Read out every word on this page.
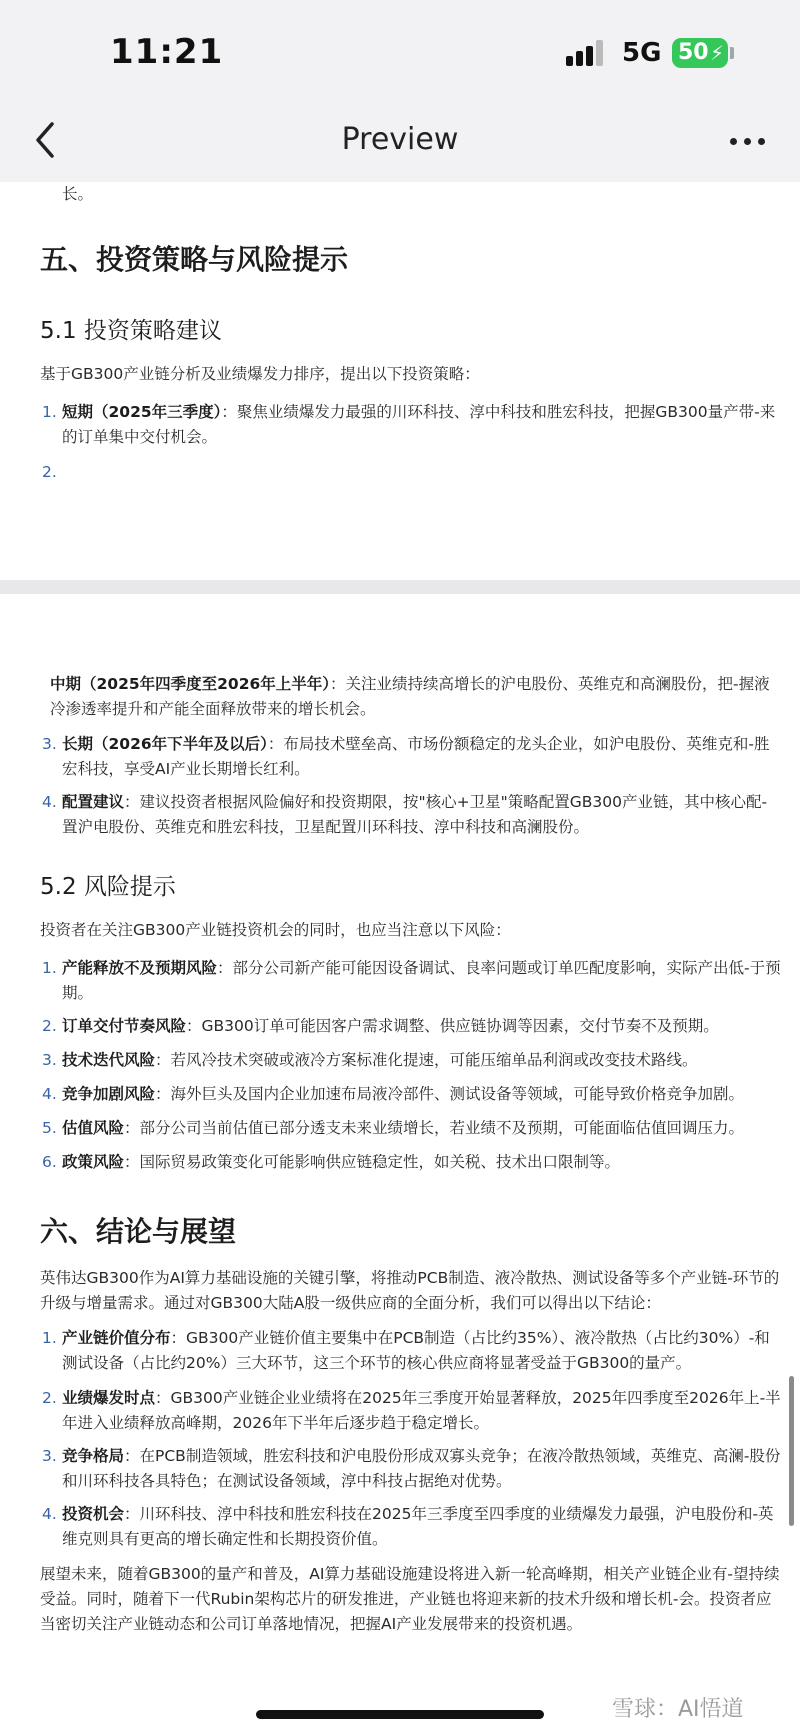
11:21	5G 50 ⚡
Preview
长。
五、投资策略与风险提示
5.1 投资策略建议
基于GB300产业链分析及业绩爆发力排序，提出以下投资策略：
1. 短期（2025年三季度）：聚焦业绩爆发力最强的川环科技、淳中科技和胜宏科技，把握GB300量产带-来的订单集中交付机会。
2.
中期（2025年四季度至2026年上半年）：关注业绩持续高增长的沪电股份、英维克和高澜股份，把-握液冷渗透率提升和产能全面释放带来的增长机会。
3. 长期（2026年下半年及以后）：布局技术壁垒高、市场份额稳定的龙头企业，如沪电股份、英维克和-胜宏科技，享受AI产业长期增长红利。
4. 配置建议：建议投资者根据风险偏好和投资期限，按"核心+卫星"策略配置GB300产业链，其中核心配-置沪电股份、英维克和胜宏科技，卫星配置川环科技、淳中科技和高澜股份。
5.2 风险提示
投资者在关注GB300产业链投资机会的同时，也应当注意以下风险：
1. 产能释放不及预期风险：部分公司新产能可能因设备调试、良率问题或订单匹配度影响，实际产出低-于预期。
2. 订单交付节奏风险：GB300订单可能因客户需求调整、供应链协调等因素，交付节奏不及预期。
3. 技术迭代风险：若风冷技术突破或液冷方案标准化提速，可能压缩单品利润或改变技术路线。
4. 竞争加剧风险：海外巨头及国内企业加速布局液冷部件、测试设备等领域，可能导致价格竞争加剧。
5. 估值风险：部分公司当前估值已部分透支未来业绩增长，若业绩不及预期，可能面临估值回调压力。
6. 政策风险：国际贸易政策变化可能影响供应链稳定性，如关税、技术出口限制等。
六、结论与展望
英伟达GB300作为AI算力基础设施的关键引擎，将推动PCB制造、液冷散热、测试设备等多个产业链-环节的升级与增量需求。通过对GB300大陆A股一级供应商的全面分析，我们可以得出以下结论：
1. 产业链价值分布：GB300产业链价值主要集中在PCB制造（占比约35%）、液冷散热（占比约30%）-和测试设备（占比约20%）三大环节，这三个环节的核心供应商将显著受益于GB300的量产。
2. 业绩爆发时点：GB300产业链企业业绩将在2025年三季度开始显著释放，2025年四季度至2026年上-半年进入业绩释放高峰期，2026年下半年后逐步趋于稳定增长。
3. 竞争格局：在PCB制造领域，胜宏科技和沪电股份形成双寡头竞争；在液冷散热领域，英维克、高澜-股份和川环科技各具特色；在测试设备领域，淳中科技占据绝对优势。
4. 投资机会：川环科技、淳中科技和胜宏科技在2025年三季度至四季度的业绩爆发力最强，沪电股份和-英维克则具有更高的增长确定性和长期投资价值。
展望未来，随着GB300的量产和普及，AI算力基础设施建设将进入新一轮高峰期，相关产业链企业有-望持续受益。同时，随着下一代Rubin架构芯片的研发推进，产业链也将迎来新的技术升级和增长机-会。投资者应当密切关注产业链动态和公司订单落地情况，把握AI产业发展带来的投资机遇。
雪球：AI悟道
